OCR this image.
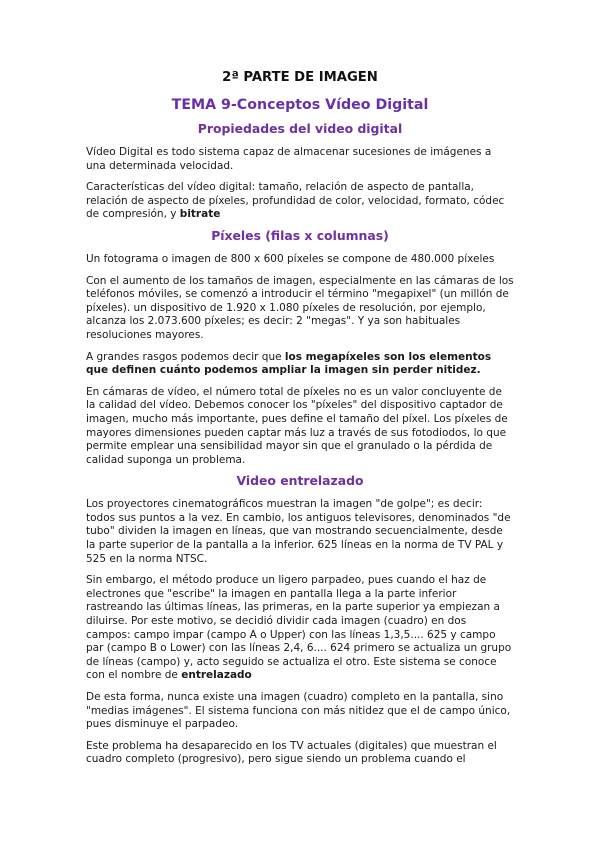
2ª PARTE DE IMAGEN
TEMA 9-Conceptos Vídeo Digital
Propiedades del video digital

Vídeo Digital es todo sistema capaz de almacenar sucesiones de imágenes a una determinada velocidad.

Características del vídeo digital: tamaño, relación de aspecto de pantalla, relación de aspecto de píxeles, profundidad de color, velocidad, formato, códec de compresión, y bitrate

Píxeles (filas x columnas)

Un fotograma o imagen de 800 x 600 píxeles se compone de 480.000 píxeles

Con el aumento de los tamaños de imagen, especialmente en las cámaras de los teléfonos móviles, se comenzó a introducir el término "megapixel" (un millón de píxeles). un dispositivo de 1.920 x 1.080 píxeles de resolución, por ejemplo, alcanza los 2.073.600 píxeles; es decir: 2 "megas". Y ya son habituales resoluciones mayores.

A grandes rasgos podemos decir que los megapíxeles son los elementos que definen cuánto podemos ampliar la imagen sin perder nitidez.

En cámaras de vídeo, el número total de píxeles no es un valor concluyente de la calidad del vídeo. Debemos conocer los "píxeles" del dispositivo captador de imagen, mucho más importante, pues define el tamaño del píxel. Los píxeles de mayores dimensiones pueden captar más luz a través de sus fotodiodos, lo que permite emplear una sensibilidad mayor sin que el granulado o la pérdida de calidad suponga un problema.

Video entrelazado

Los proyectores cinematográficos muestran la imagen "de golpe"; es decir: todos sus puntos a la vez. En cambio, los antiguos televisores, denominados "de tubo" dividen la imagen en líneas, que van mostrando secuencialmente, desde la parte superior de la pantalla a la inferior. 625 líneas en la norma de TV PAL y 525 en la norma NTSC.

Sin embargo, el método produce un ligero parpadeo, pues cuando el haz de electrones que "escribe" la imagen en pantalla llega a la parte inferior rastreando las últimas líneas, las primeras, en la parte superior ya empiezan a diluirse. Por este motivo, se decidió dividir cada imagen (cuadro) en dos campos: campo impar (campo A o Upper) con las líneas 1,3,5.... 625 y campo par (campo B o Lower) con las líneas 2,4, 6.... 624 primero se actualiza un grupo de líneas (campo) y, acto seguido se actualiza el otro. Este sistema se conoce con el nombre de entrelazado

De esta forma, nunca existe una imagen (cuadro) completo en la pantalla, sino "medias imágenes". El sistema funciona con más nitidez que el de campo único, pues disminuye el parpadeo.

Este problema ha desaparecido en los TV actuales (digitales) que muestran el cuadro completo (progresivo), pero sigue siendo un problema cuando el
